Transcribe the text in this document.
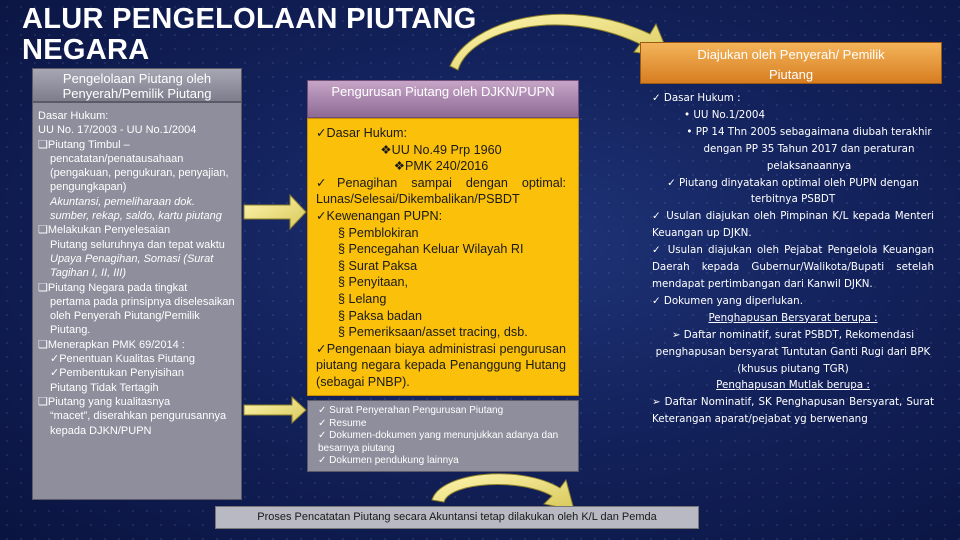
ALUR PENGELOLAAN PIUTANG NEGARA
Pengelolaan Piutang oleh Penyerah/Pemilik Piutang
Dasar Hukum:
UU No. 17/2003 - UU No.1/2004
❑Piutang Timbul –
pencatatan/penatausahaan (pengakuan, pengukuran, penyajian, pengungkapan)
Akuntansi, pemeliharaan dok. sumber, rekap, saldo, kartu piutang
❑Melakukan Penyelesaian
Piutang seluruhnya dan tepat waktu
Upaya Penagihan, Somasi (Surat Tagihan I, II, III)
❑Piutang Negara pada tingkat
pertama pada prinsipnya diselesaikan oleh Penyerah Piutang/Pemilik Piutang.
❑Menerapkan PMK 69/2014 :
✓Penentuan Kualitas Piutang
✓Pembentukan Penyisihan
Piutang Tidak Tertagih
❑Piutang yang kualitasnya
“macet”, diserahkan pengurusannya kepada DJKN/PUPN
Pengurusan Piutang oleh DJKN/PUPN
✓Dasar Hukum:
❖UU No.49 Prp 1960
❖PMK 240/2016
✓Penagihan sampai dengan optimal: Lunas/Selesai/Dikembalikan/PSBDT
✓Kewenangan PUPN:
§ Pemblokiran
§ Pencegahan Keluar Wilayah RI
§ Surat Paksa
§ Penyitaan,
§ Lelang
§ Paksa badan
§ Pemeriksaan/asset tracing, dsb.
✓Pengenaan biaya administrasi pengurusan piutang negara kepada Penanggung Hutang (sebagai PNBP).
✓ Surat Penyerahan Pengurusan Piutang
✓ Resume
✓ Dokumen-dokumen yang menunjukkan adanya dan besarnya piutang
✓ Dokumen pendukung lainnya
Diajukan oleh Penyerah/ Pemilik Piutang
✓ Dasar Hukum :
• UU No.1/2004
• PP 14 Thn 2005 sebagaimana diubah terakhir dengan PP 35 Tahun 2017 dan peraturan pelaksanaannya
✓ Piutang dinyatakan optimal oleh PUPN dengan terbitnya PSBDT
✓ Usulan diajukan oleh Pimpinan K/L kepada Menteri Keuangan up DJKN.
✓ Usulan diajukan oleh Pejabat Pengelola Keuangan Daerah kepada Gubernur/Walikota/Bupati setelah mendapat pertimbangan dari Kanwil DJKN.
✓ Dokumen yang diperlukan.
Penghapusan Bersyarat berupa :
➢ Daftar nominatif, surat PSBDT, Rekomendasi penghapusan bersyarat Tuntutan Ganti Rugi dari BPK (khusus piutang TGR)
Penghapusan Mutlak berupa :
➢ Daftar Nominatif, SK Penghapusan Bersyarat, Surat Keterangan aparat/pejabat yg berwenang
Proses Pencatatan Piutang secara Akuntansi tetap dilakukan oleh K/L dan Pemda
